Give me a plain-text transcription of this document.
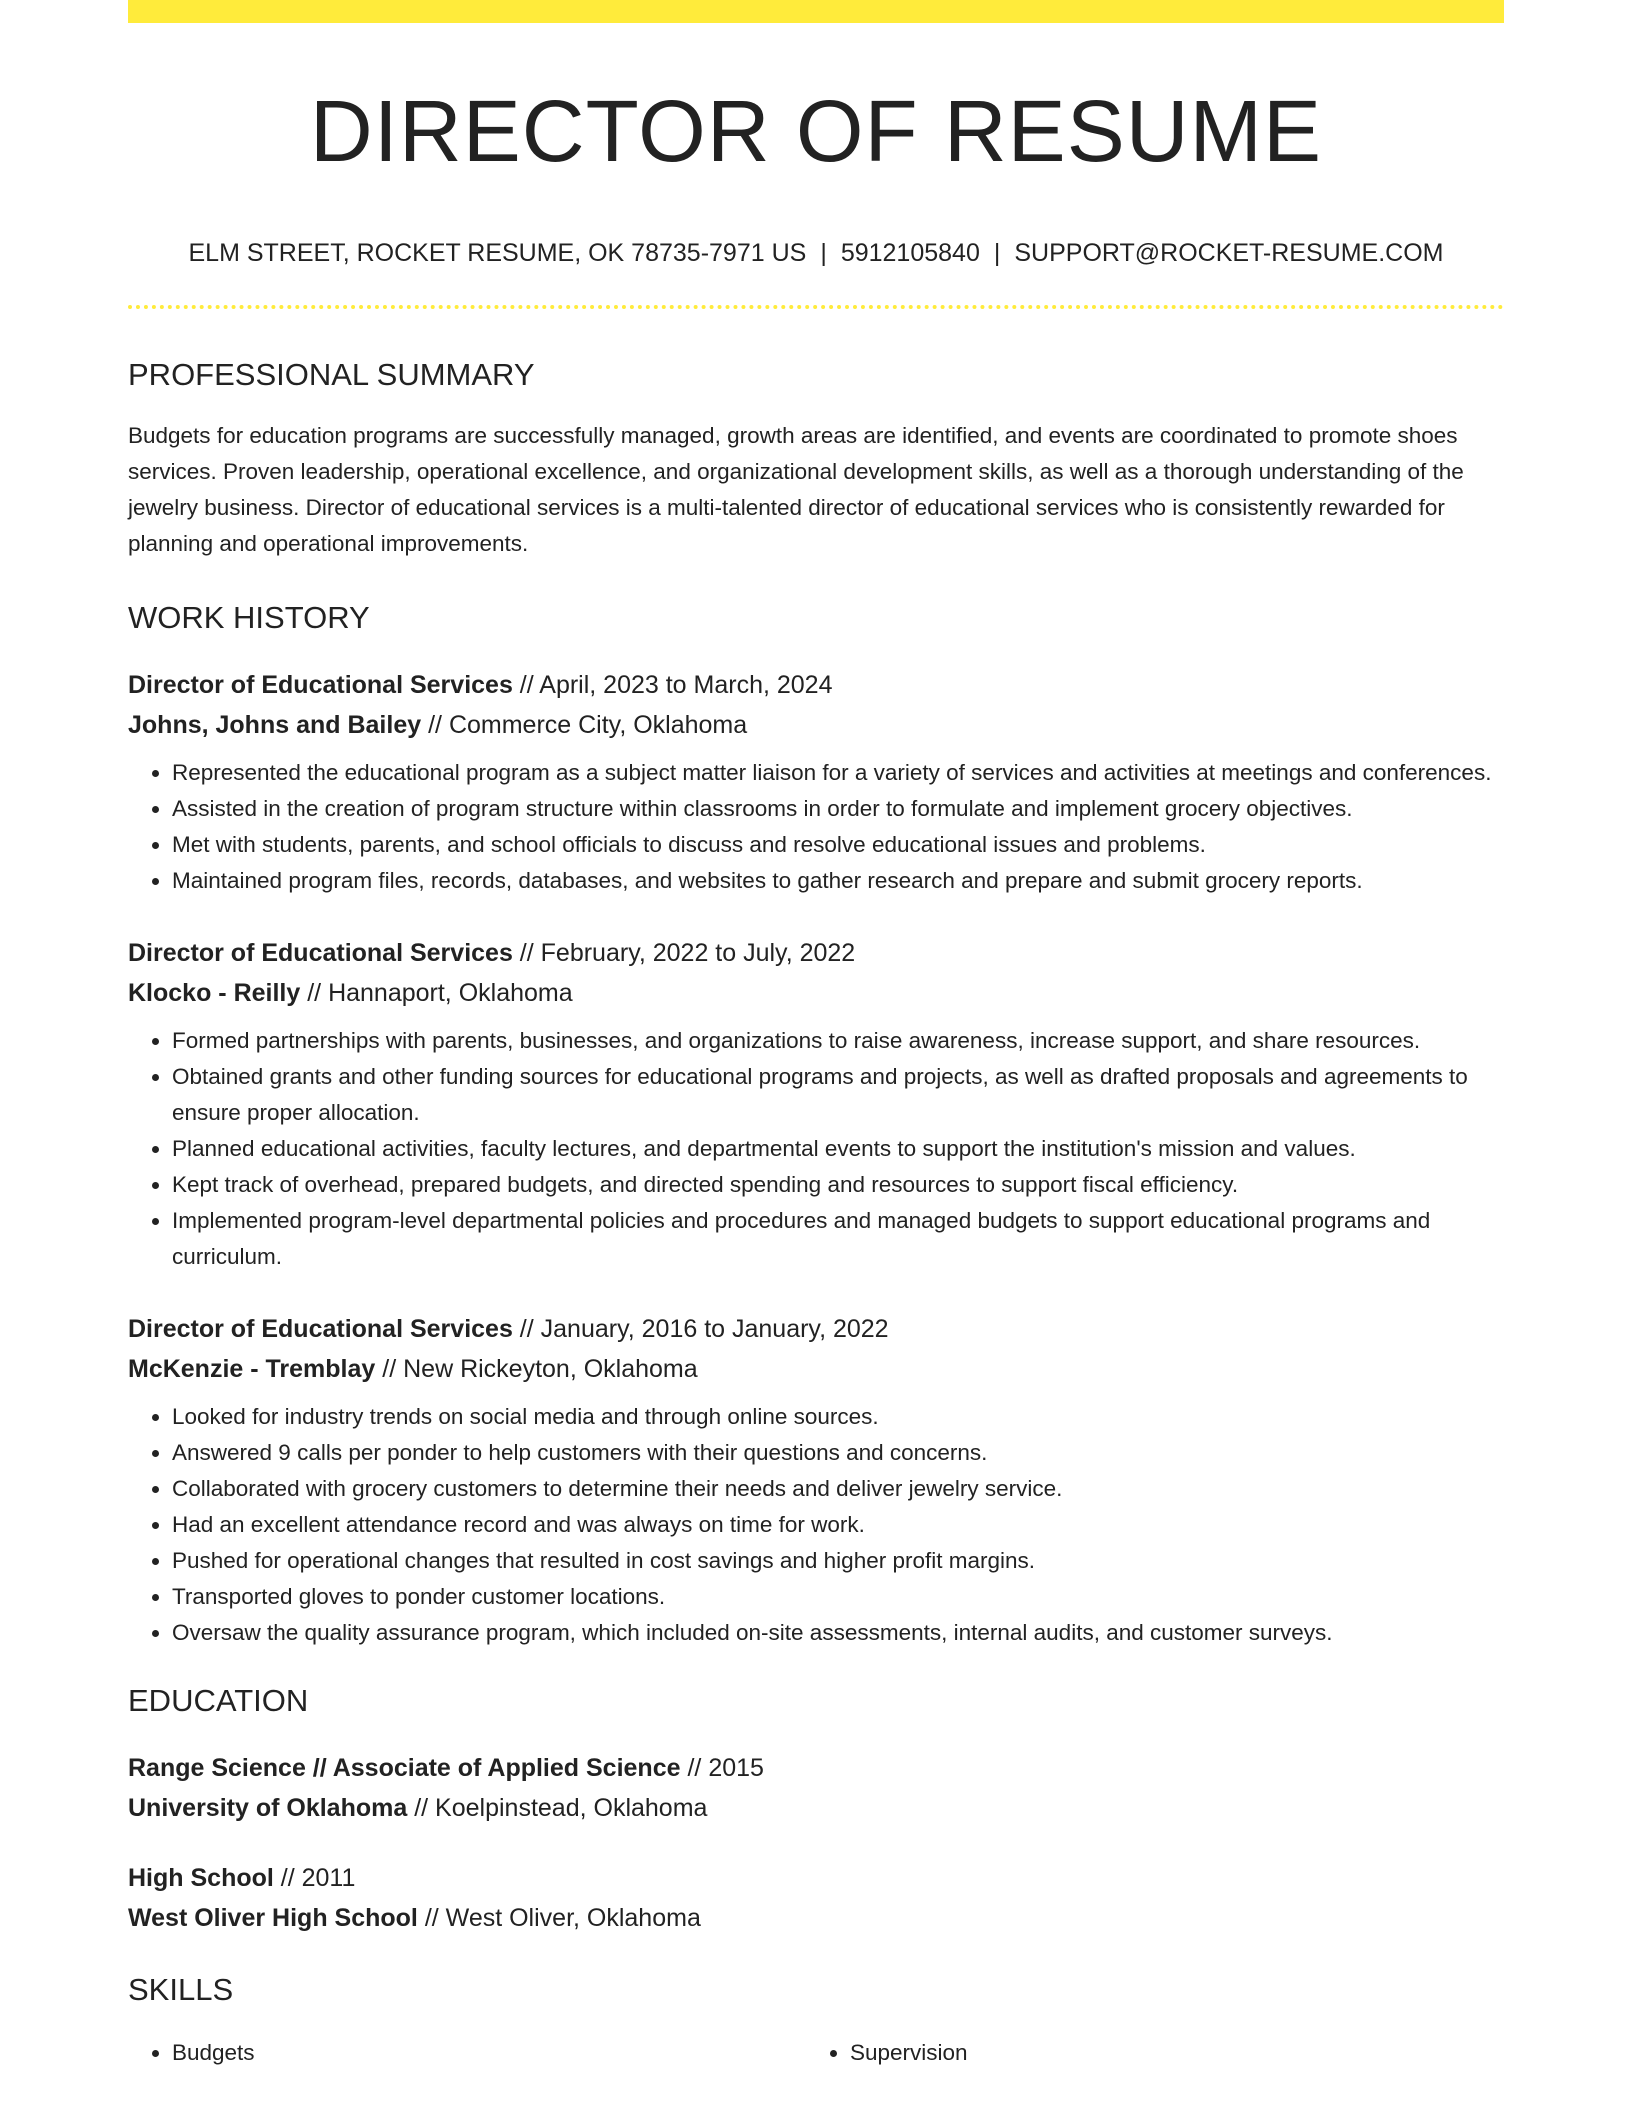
DIRECTOR OF RESUME
ELM STREET, ROCKET RESUME, OK 78735-7971 US | 5912105840 | SUPPORT@ROCKET-RESUME.COM
PROFESSIONAL SUMMARY
Budgets for education programs are successfully managed, growth areas are identified, and events are coordinated to promote shoes services. Proven leadership, operational excellence, and organizational development skills, as well as a thorough understanding of the jewelry business. Director of educational services is a multi-talented director of educational services who is consistently rewarded for planning and operational improvements.
WORK HISTORY
Director of Educational Services // April, 2023 to March, 2024
Johns, Johns and Bailey // Commerce City, Oklahoma
• Represented the educational program as a subject matter liaison for a variety of services and activities at meetings and conferences.
• Assisted in the creation of program structure within classrooms in order to formulate and implement grocery objectives.
• Met with students, parents, and school officials to discuss and resolve educational issues and problems.
• Maintained program files, records, databases, and websites to gather research and prepare and submit grocery reports.
Director of Educational Services // February, 2022 to July, 2022
Klocko - Reilly // Hannaport, Oklahoma
• Formed partnerships with parents, businesses, and organizations to raise awareness, increase support, and share resources.
• Obtained grants and other funding sources for educational programs and projects, as well as drafted proposals and agreements to ensure proper allocation.
• Planned educational activities, faculty lectures, and departmental events to support the institution's mission and values.
• Kept track of overhead, prepared budgets, and directed spending and resources to support fiscal efficiency.
• Implemented program-level departmental policies and procedures and managed budgets to support educational programs and curriculum.
Director of Educational Services // January, 2016 to January, 2022
McKenzie - Tremblay // New Rickeyton, Oklahoma
• Looked for industry trends on social media and through online sources.
• Answered 9 calls per ponder to help customers with their questions and concerns.
• Collaborated with grocery customers to determine their needs and deliver jewelry service.
• Had an excellent attendance record and was always on time for work.
• Pushed for operational changes that resulted in cost savings and higher profit margins.
• Transported gloves to ponder customer locations.
• Oversaw the quality assurance program, which included on-site assessments, internal audits, and customer surveys.
EDUCATION
Range Science // Associate of Applied Science // 2015
University of Oklahoma // Koelpinstead, Oklahoma
High School // 2011
West Oliver High School // West Oliver, Oklahoma
SKILLS
• Budgets
•	Supervision
